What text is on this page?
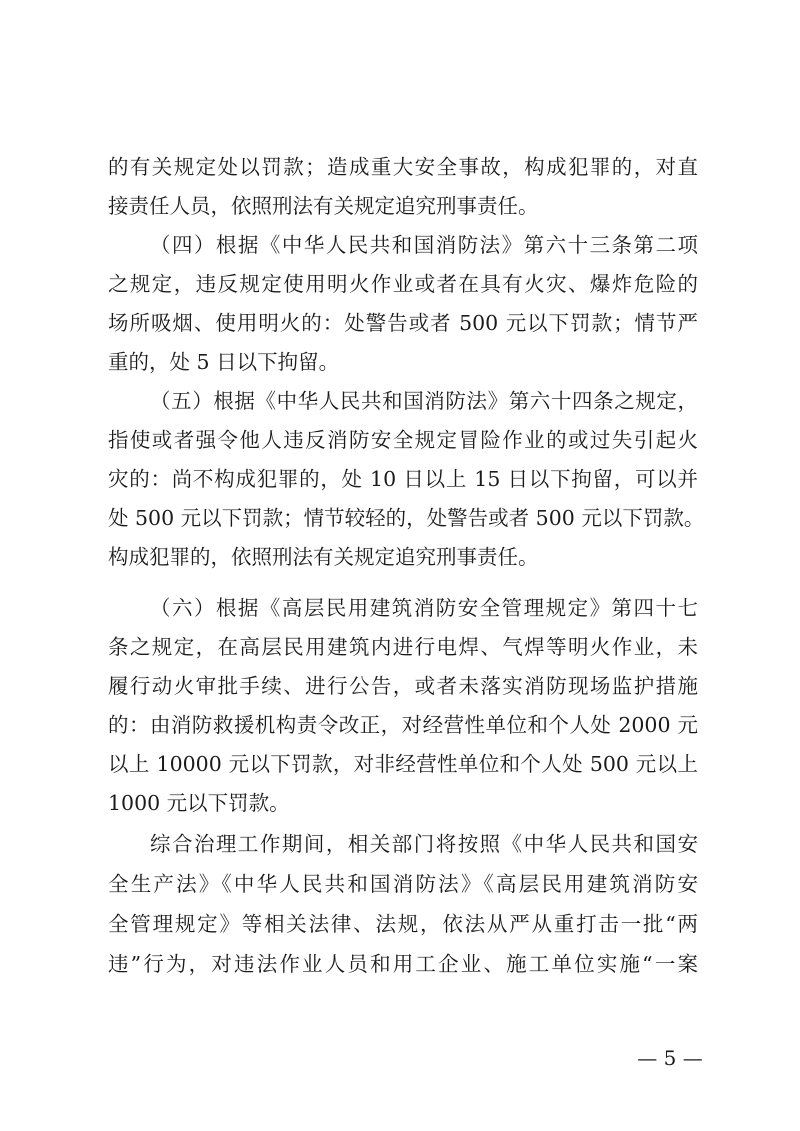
的有关规定处以罚款；造成重大安全事故，构成犯罪的，对直
接责任人员，依照刑法有关规定追究刑事责任。
（四）根据《中华人民共和国消防法》第六十三条第二项
之规定，违反规定使用明火作业或者在具有火灾、爆炸危险的
场所吸烟、使用明火的：处警告或者 500 元以下罚款；情节严
重的，处 5 日以下拘留。
（五）根据《中华人民共和国消防法》第六十四条之规定，
指使或者强令他人违反消防安全规定冒险作业的或过失引起火
灾的：尚不构成犯罪的，处 10 日以上 15 日以下拘留，可以并
处 500 元以下罚款；情节较轻的，处警告或者 500 元以下罚款。
构成犯罪的，依照刑法有关规定追究刑事责任。
（六）根据《高层民用建筑消防安全管理规定》第四十七
条之规定，在高层民用建筑内进行电焊、气焊等明火作业，未
履行动火审批手续、进行公告，或者未落实消防现场监护措施
的：由消防救援机构责令改正，对经营性单位和个人处 2000 元
以上 10000 元以下罚款，对非经营性单位和个人处 500 元以上
1000 元以下罚款。
综合治理工作期间，相关部门将按照《中华人民共和国安
全生产法》《中华人民共和国消防法》《高层民用建筑消防安
全管理规定》等相关法律、法规，依法从严从重打击一批“两
违”行为，对违法作业人员和用工企业、施工单位实施“一案
— 5 —
